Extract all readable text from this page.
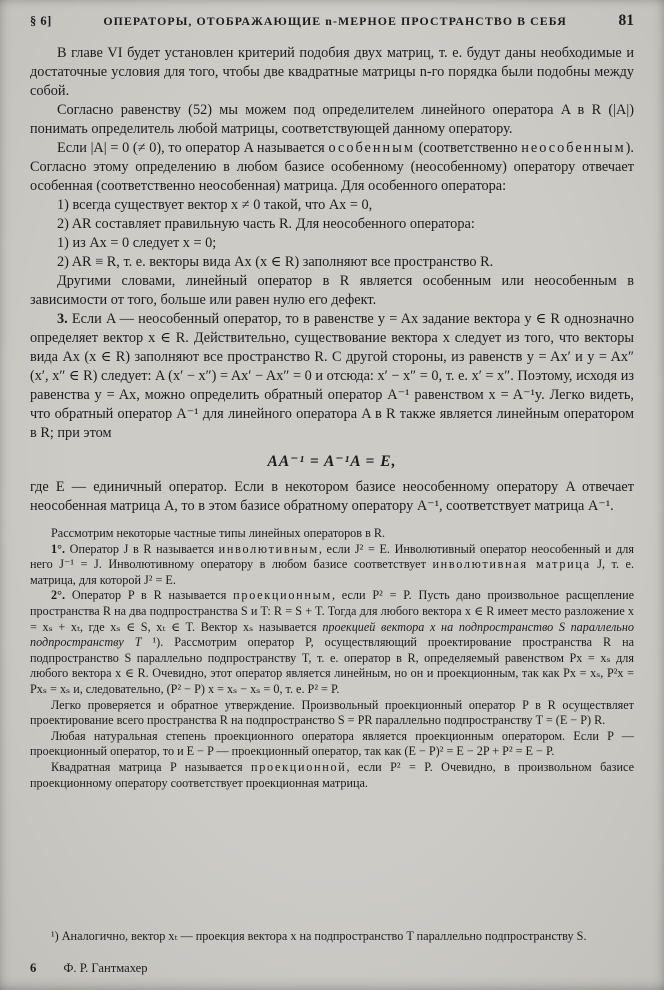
§ 6]	ОПЕРАТОРЫ, ОТОБРАЖАЮЩИЕ n-МЕРНОЕ ПРОСТРАНСТВО В СЕБЯ	81

В главе VI будет установлен критерий подобия двух матриц, т. е. будут даны необходимые и достаточные условия для того, чтобы две квадратные матрицы n-го порядка были подобны между собой.

Согласно равенству (52) мы можем под определителем линейного оператора A в R (|A|) понимать определитель любой матрицы, соответствующей данному оператору.

Если |A| = 0 (≠ 0), то оператор A называется особенным (соответственно неособенным). Согласно этому определению в любом базисе особенному (неособенному) оператору отвечает особенная (соответственно неособенная) матрица. Для особенного оператора:

1) всегда существует вектор x ≠ 0 такой, что Ax = 0,

2) AR составляет правильную часть R. Для неособенного оператора:

1) из Ax = 0 следует x = 0;

2) AR ≡ R, т. е. векторы вида Ax (x ∈ R) заполняют все пространство R.

Другими словами, линейный оператор в R является особенным или неособенным в зависимости от того, больше или равен нулю его дефект.

3. Если A — неособенный оператор, то в равенстве y = Ax задание вектора y ∈ R однозначно определяет вектор x ∈ R. Действительно, существование вектора x следует из того, что векторы вида Ax (x ∈ R) заполняют все пространство R. С другой стороны, из равенств y = Ax′ и y = Ax″ (x′, x″ ∈ R) следует: A (x′ − x″) = Ax′ − Ax″ = 0 и отсюда: x′ − x″ = 0, т. е. x′ = x″. Поэтому, исходя из равенства y = Ax, можно определить обратный оператор A⁻¹ равенством x = A⁻¹y. Легко видеть, что обратный оператор A⁻¹ для линейного оператора A в R также является линейным оператором в R; при этом

AA⁻¹ = A⁻¹A = E,

где E — единичный оператор. Если в некотором базисе неособенному оператору A отвечает неособенная матрица A, то в этом базисе обратному оператору A⁻¹, соответствует матрица A⁻¹.

Рассмотрим некоторые частные типы линейных операторов в R.

1°. Оператор J в R называется инволютивным, если J² = E. Инволютивный оператор неособенный и для него J⁻¹ = J. Инволютивному оператору в любом базисе соответствует инволютивная матрица J, т. е. матрица, для которой J² = E.

2°. Оператор P в R называется проекционным, если P² = P. Пусть дано произвольное расщепление пространства R на два подпространства S и T: R = S + T. Тогда для любого вектора x ∈ R имеет место разложение x = xₛ + xₜ, где xₛ ∈ S, xₜ ∈ T. Вектор xₛ называется проекцией вектора x на подпространство S параллельно подпространству T ¹). Рассмотрим оператор P, осуществляющий проектирование пространства R на подпространство S параллельно подпространству T, т. е. оператор в R, определяемый равенством Px = xₛ для любого вектора x ∈ R. Очевидно, этот оператор является линейным, но он и проекционным, так как Px = xₛ, P²x = Pxₛ = xₛ и, следовательно, (P² − P) x = xₛ − xₛ = 0, т. е. P² = P.

Легко проверяется и обратное утверждение. Произвольный проекционный оператор P в R осуществляет проектирование всего пространства R на подпространство S = PR параллельно подпространству T = (E − P) R.

Любая натуральная степень проекционного оператора является проекционным оператором. Если P — проекционный оператор, то и E − P — проекционный оператор, так как (E − P)² = E − 2P + P² = E − P.

Квадратная матрица P называется проекционной, если P² = P. Очевидно, в произвольном базисе проекционному оператору соответствует проекционная матрица.

¹) Аналогично, вектор xₜ — проекция вектора x на подпространство T параллельно подпространству S.

6 Ф. Р. Гантмахер
